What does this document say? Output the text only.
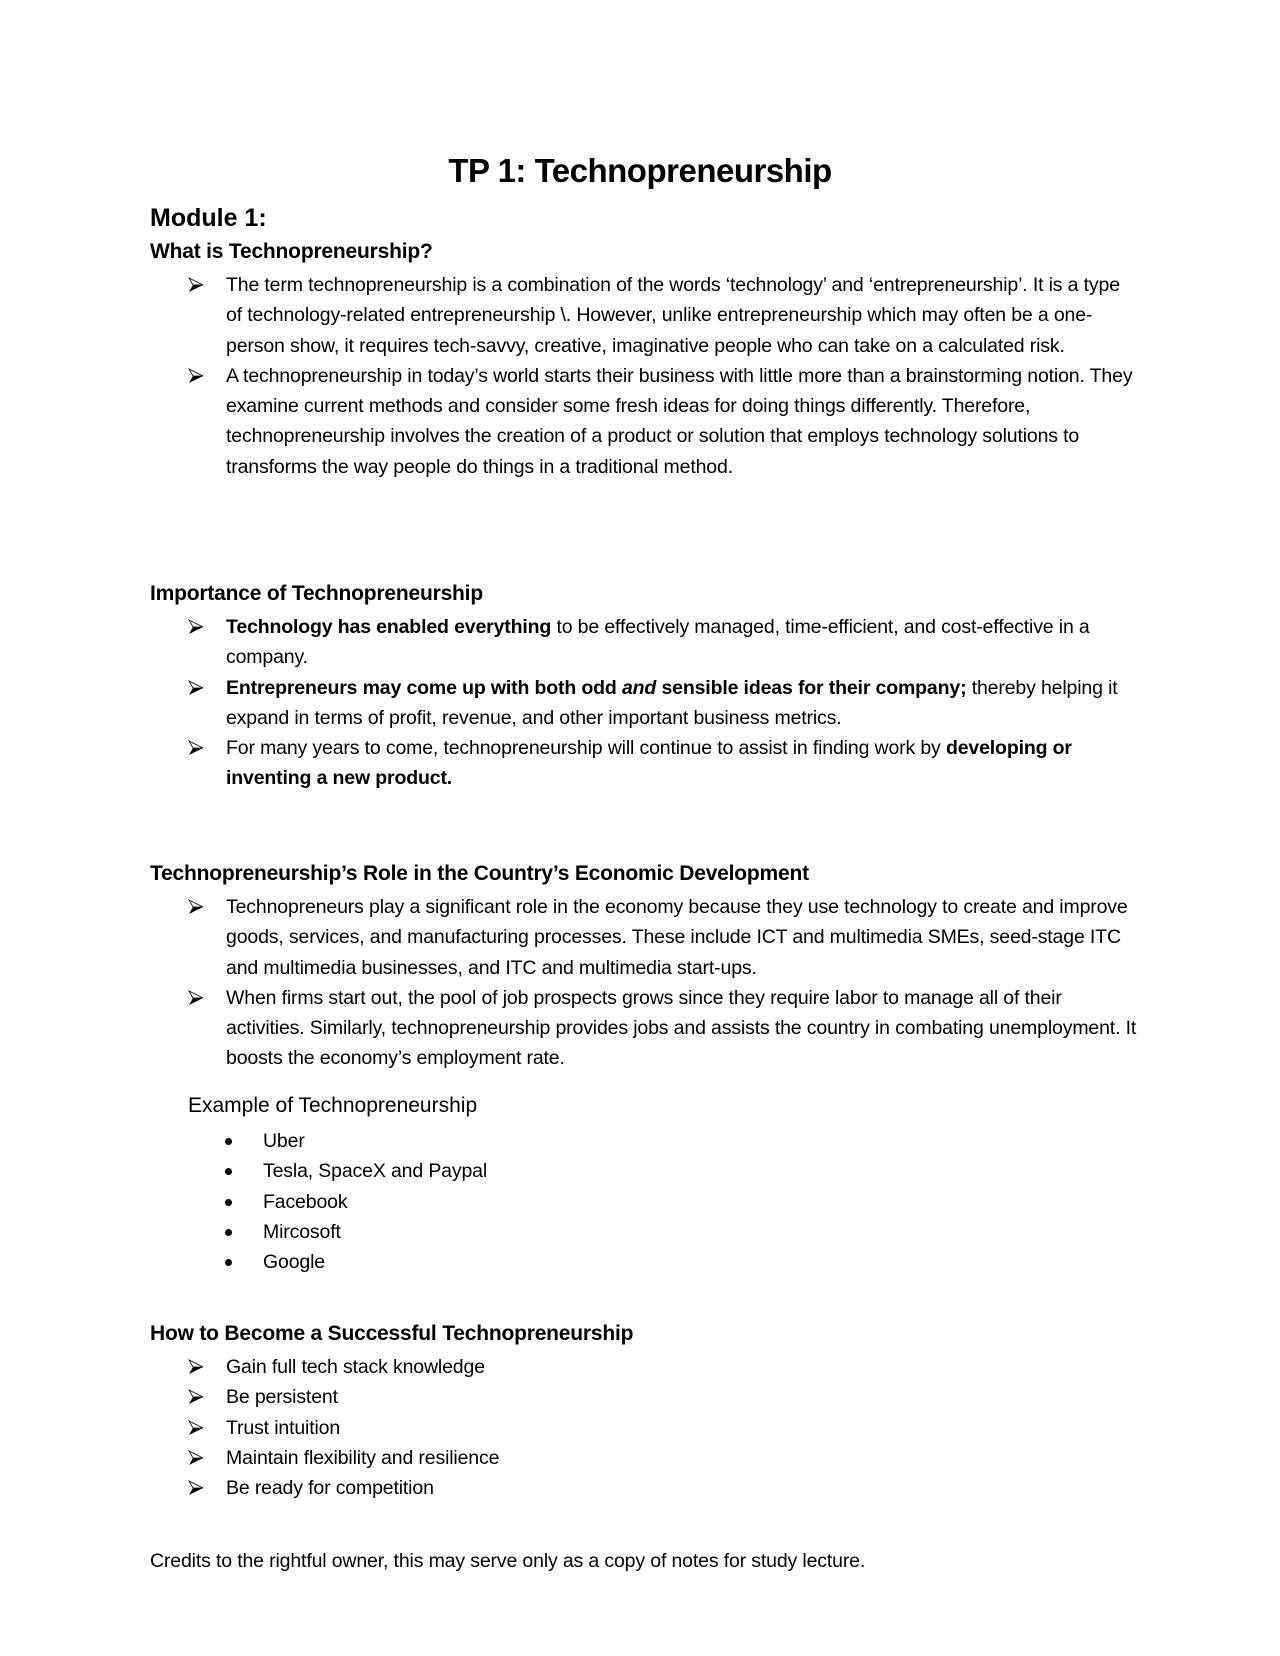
TP 1: Technopreneurship
Module 1:
What is Technopreneurship?
The term technopreneurship is a combination of the words ‘technology’ and ‘entrepreneurship’. It is a type of technology-related entrepreneurship \. However, unlike entrepreneurship which may often be a one-person show, it requires tech-savvy, creative, imaginative people who can take on a calculated risk.
A technopreneurship in today’s world starts their business with little more than a brainstorming notion. They examine current methods and consider some fresh ideas for doing things differently. Therefore, technopreneurship involves the creation of a product or solution that employs technology solutions to transforms the way people do things in a traditional method.
Importance of Technopreneurship
Technology has enabled everything to be effectively managed, time-efficient, and cost-effective in a company.
Entrepreneurs may come up with both odd and sensible ideas for their company; thereby helping it expand in terms of profit, revenue, and other important business metrics.
For many years to come, technopreneurship will continue to assist in finding work by developing or inventing a new product.
Technopreneurship’s Role in the Country’s Economic Development
Technopreneurs play a significant role in the economy because they use technology to create and improve goods, services, and manufacturing processes. These include ICT and multimedia SMEs, seed-stage ITC and multimedia businesses, and ITC and multimedia start-ups.
When firms start out, the pool of job prospects grows since they require labor to manage all of their activities. Similarly, technopreneurship provides jobs and assists the country in combating unemployment. It boosts the economy’s employment rate.
Example of Technopreneurship
Uber
Tesla, SpaceX and Paypal
Facebook
Mircosoft
Google
How to Become a Successful Technopreneurship
Gain full tech stack knowledge
Be persistent
Trust intuition
Maintain flexibility and resilience
Be ready for competition
Credits to the rightful owner, this may serve only as a copy of notes for study lecture.
